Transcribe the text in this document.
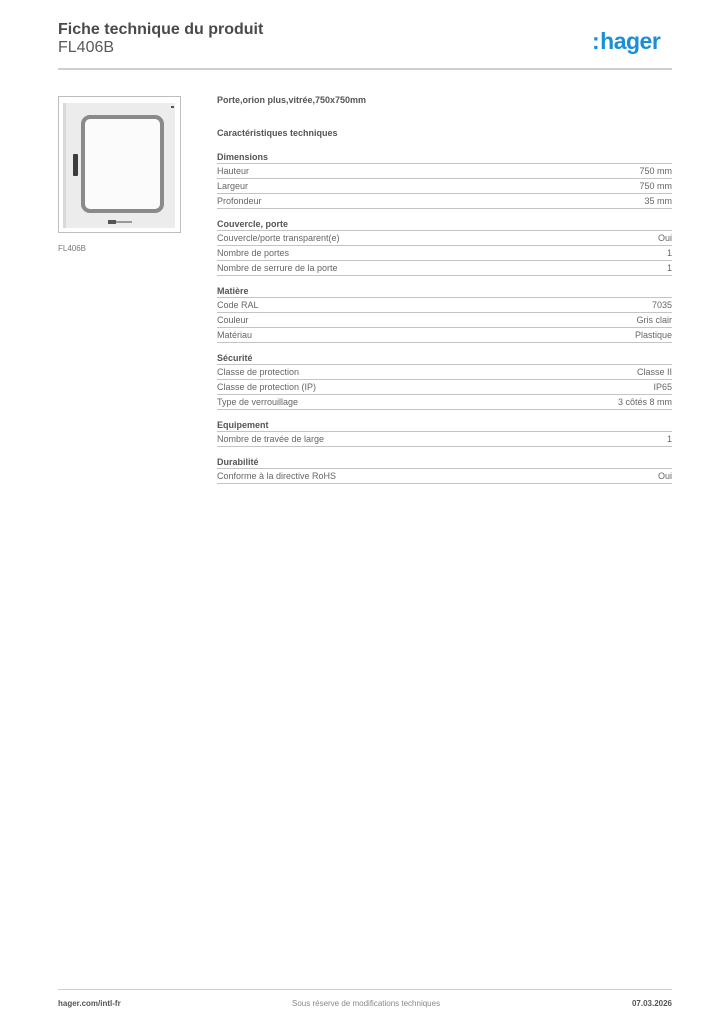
Fiche technique du produit
FL406B	:hager
FL406B
Porte,orion plus,vitrée,750x750mm
Caractéristiques techniques
Dimensions
Hauteur	750 mm
Largeur	750 mm
Profondeur	35 mm
Couvercle, porte
Couvercle/porte transparent(e)	Oui
Nombre de portes	1
Nombre de serrure de la porte	1
Matière
Code RAL	7035
Couleur	Gris clair
Matériau	Plastique
Sécurité
Classe de protection	Classe II
Classe de protection (IP)	IP65
Type de verrouillage	3 côtés 8 mm
Equipement
Nombre de travée de large	1
Durabilité
Conforme à la directive RoHS	Oui
hager.com/intl-fr	Sous réserve de modifications techniques	07.03.2026
